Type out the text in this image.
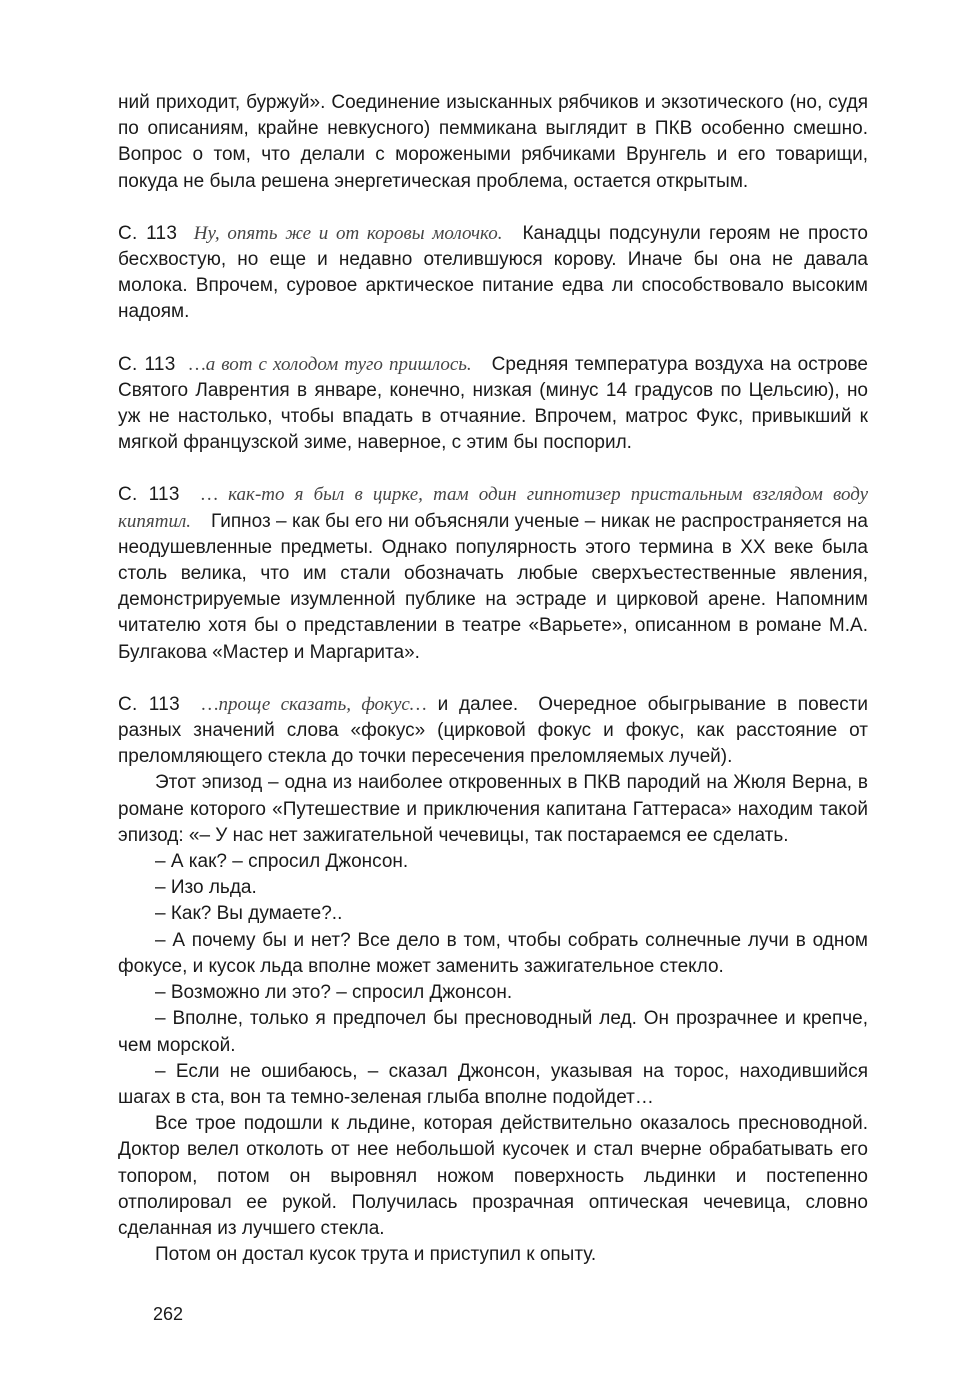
ний приходит, буржуй». Соединение изысканных рябчиков и экзотического (но, судя по описаниям, крайне невкусного) пеммикана выглядит в ПКВ особенно смешно. Вопрос о том, что делали с морожеными рябчиками Врунгель и его товарищи, покуда не была решена энергетическая проблема, остается открытым.

С. 113 Ну, опять же и от коровы молочко. Канадцы подсунули героям не просто бесхвостую, но еще и недавно отелившуюся корову. Иначе бы она не давала молока. Впрочем, суровое арктическое питание едва ли способствовало высоким надоям.

С. 113 …а вот с холодом туго пришлось. Средняя температура воздуха на острове Святого Лаврентия в январе, конечно, низкая (минус 14 градусов по Цельсию), но уж не настолько, чтобы впадать в отчаяние. Впрочем, матрос Фукс, привыкший к мягкой французской зиме, наверное, с этим бы поспорил.

С. 113 … как-то я был в цирке, там один гипнотизер пристальным взглядом воду кипятил. Гипноз – как бы его ни объясняли ученые – никак не распространяется на неодушевленные предметы. Однако популярность этого термина в XX веке была столь велика, что им стали обозначать любые сверхъестественные явления, демонстрируемые изумленной публике на эстраде и цирковой арене. Напомним читателю хотя бы о представлении в театре «Варьете», описанном в романе М.А. Булгакова «Мастер и Маргарита».

С. 113 …проще сказать, фокус… и далее. Очередное обыгрывание в повести разных значений слова «фокус» (цирковой фокус и фокус, как расстояние от преломляющего стекла до точки пересечения преломляемых лучей).

Этот эпизод – одна из наиболее откровенных в ПКВ пародий на Жюля Верна, в романе которого «Путешествие и приключения капитана Гаттераса» находим такой эпизод: «– У нас нет зажигательной чечевицы, так постараемся ее сделать.

– А как? – спросил Джонсон.

– Изо льда.

– Как? Вы думаете?..

– А почему бы и нет? Все дело в том, чтобы собрать солнечные лучи в одном фокусе, и кусок льда вполне может заменить зажигательное стекло.

– Возможно ли это? – спросил Джонсон.

– Вполне, только я предпочел бы пресноводный лед. Он прозрачнее и крепче, чем морской.

– Если не ошибаюсь, – сказал Джонсон, указывая на торос, находившийся шагах в ста, вон та темно-зеленая глыба вполне подойдет…

Все трое подошли к льдине, которая действительно оказалось пресноводной. Доктор велел отколоть от нее небольшой кусочек и стал вчерне обрабатывать его топором, потом он выровнял ножом поверхность льдинки и постепенно отполировал ее рукой. Получилась прозрачная оптическая чечевица, словно сделанная из лучшего стекла.

Потом он достал кусок трута и приступил к опыту.

262
